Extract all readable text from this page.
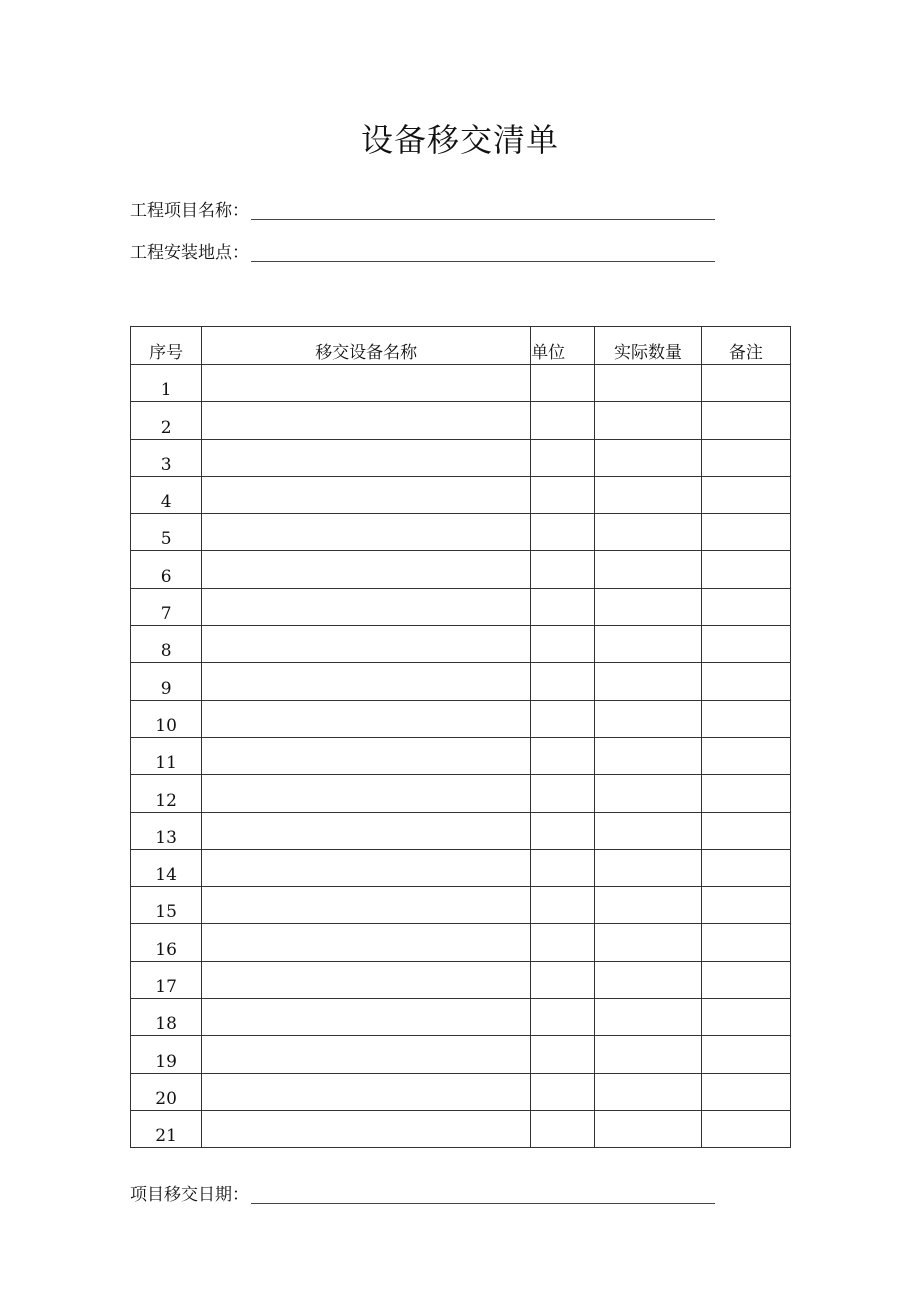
设备移交清单
工程项目名称：
工程安装地点：
序号	移交设备名称	单位	实际数量	备注
1				
2				
3				
4				
5				
6				
7				
8				
9				
10				
11				
12				
13				
14				
15				
16				
17				
18				
19				
20				
21				
项目移交日期：
